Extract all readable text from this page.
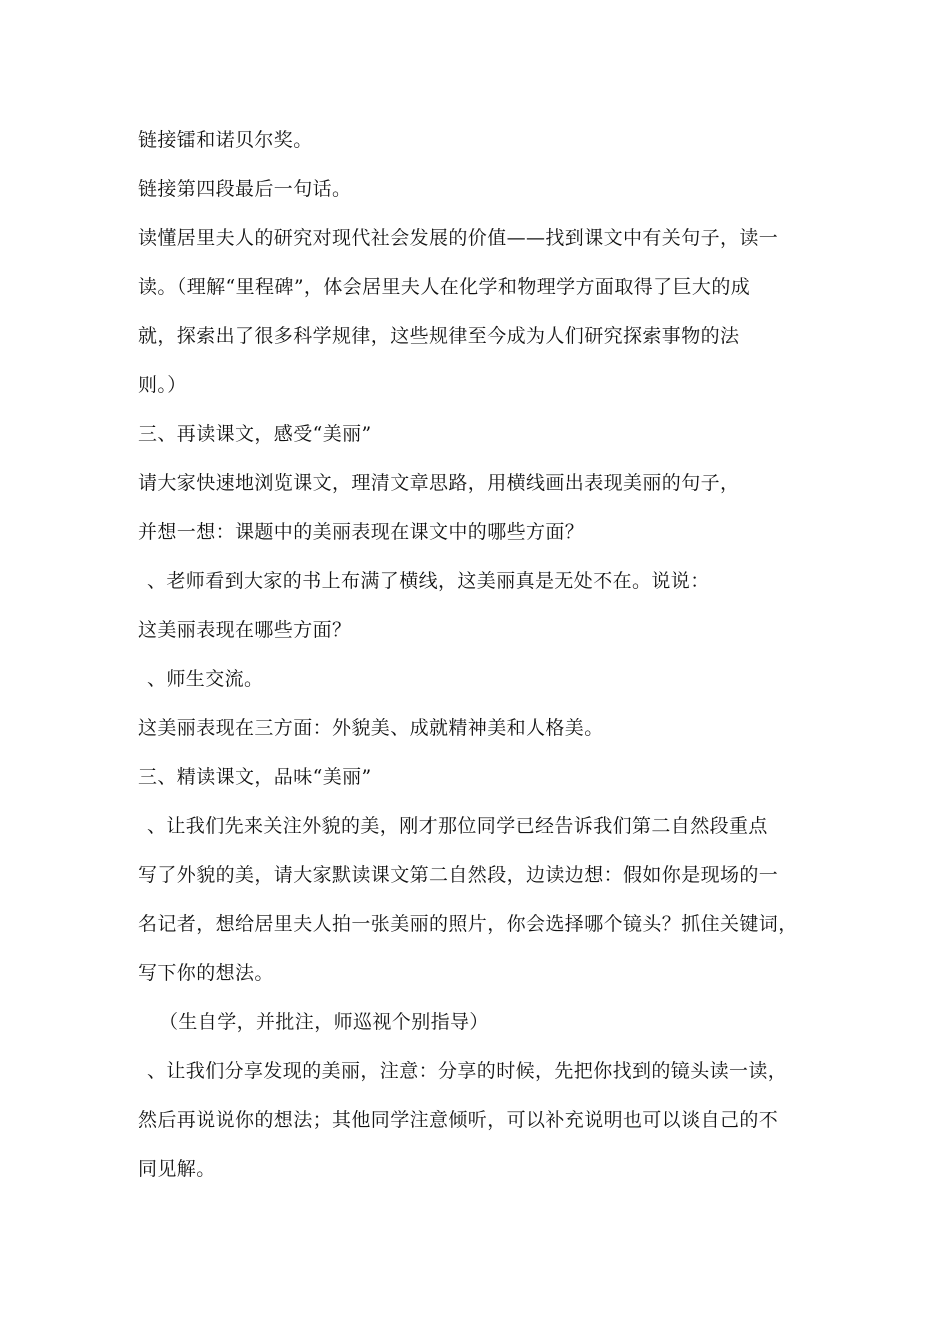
链接镭和诺贝尔奖。
链接第四段最后一句话。
读懂居里夫人的研究对现代社会发展的价值——找到课文中有关句子，读一
读。（理解“里程碑”，体会居里夫人在化学和物理学方面取得了巨大的成
就，探索出了很多科学规律，这些规律至今成为人们研究探索事物的法
则。）
三、再读课文，感受“美丽”
请大家快速地浏览课文，理清文章思路，用横线画出表现美丽的句子，
并想一想：课题中的美丽表现在课文中的哪些方面？
、老师看到大家的书上布满了横线，这美丽真是无处不在。说说：
这美丽表现在哪些方面？
、师生交流。
这美丽表现在三方面：外貌美、成就精神美和人格美。
三、精读课文，品味“美丽”
、让我们先来关注外貌的美，刚才那位同学已经告诉我们第二自然段重点
写了外貌的美，请大家默读课文第二自然段，边读边想：假如你是现场的一
名记者，想给居里夫人拍一张美丽的照片，你会选择哪个镜头？抓住关键词，
写下你的想法。
（生自学，并批注，师巡视个别指导）
、让我们分享发现的美丽，注意：分享的时候，先把你找到的镜头读一读，
然后再说说你的想法；其他同学注意倾听，可以补充说明也可以谈自己的不
同见解。
